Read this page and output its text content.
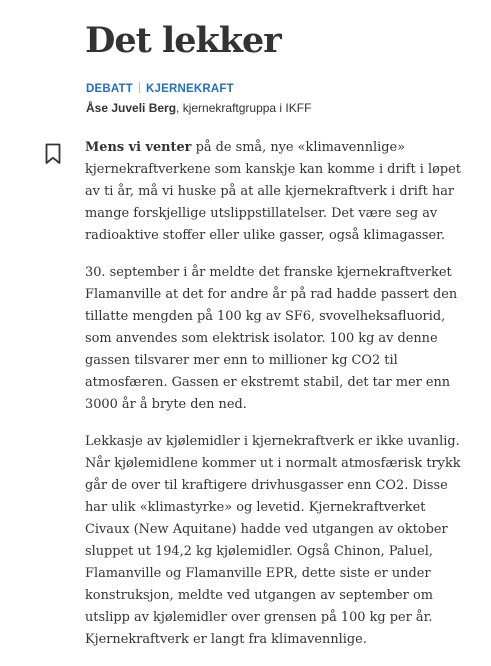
Det lekker
DEBATT KJERNEKRAFT
Åse Juveli Berg, kjernekraftgruppa i IKFF

Mens vi venter på de små, nye «klimavennlige» kjernekraftverkene som kanskje kan komme i drift i løpet av ti år, må vi huske på at alle kjernekraftverk i drift har mange forskjellige utslippstillatelser. Det være seg av radioaktive stoffer eller ulike gasser, også klimagasser.

30. september i år meldte det franske kjernekraftverket Flamanville at det for andre år på rad hadde passert den tillatte mengden på 100 kg av SF6, svovelheksafluorid, som anvendes som elektrisk isolator. 100 kg av denne gassen tilsvarer mer enn to millioner kg CO2 til atmosfæren. Gassen er ekstremt stabil, det tar mer enn 3000 år å bryte den ned.

Lekkasje av kjølemidler i kjernekraftverk er ikke uvanlig. Når kjølemidlene kommer ut i normalt atmosfærisk trykk går de over til kraftigere drivhusgasser enn CO2. Disse har ulik «klimastyrke» og levetid. Kjernekraftverket Civaux (New Aquitane) hadde ved utgangen av oktober sluppet ut 194,2 kg kjølemidler. Også Chinon, Paluel, Flamanville og Flamanville EPR, dette siste er under konstruksjon, meldte ved utgangen av september om utslipp av kjølemidler over grensen på 100 kg per år. Kjernekraftverk er langt fra klimavennlige.
